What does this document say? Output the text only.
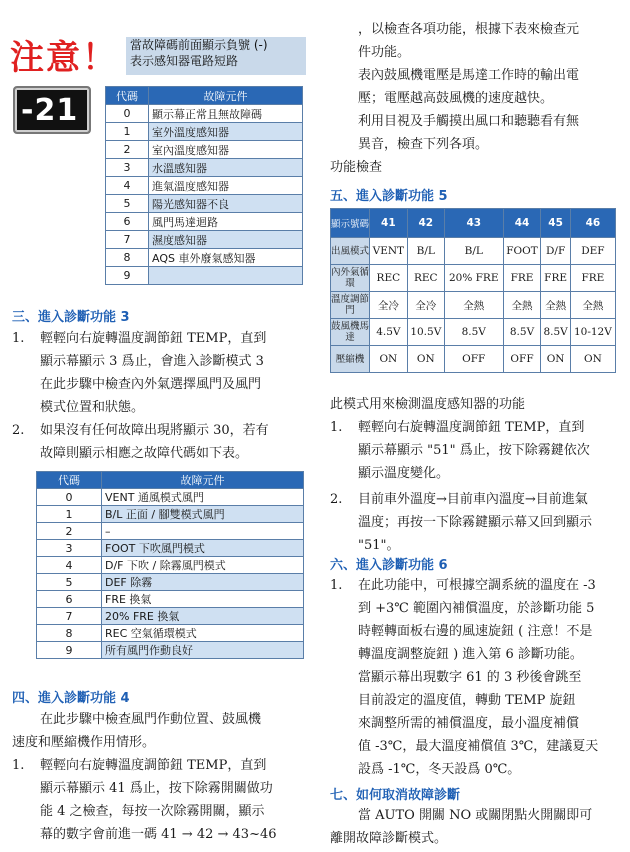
注意！	當故障碼前面顯示負號 (-)
表示感知器電路短路
-21	代碼	故障元件
0	顯示幕正常且無故障碼
1	室外溫度感知器
2	室內溫度感知器
3	水溫感知器
4	進氣溫度感知器
5	陽光感知器不良
6	風門馬達迴路
7	濕度感知器
8	AQS 車外廢氣感知器
9	
三、進入診斷功能 3
1.	輕輕向右旋轉溫度調節鈕 TEMP，直到
顯示幕顯示 3 爲止，會進入診斷模式 3
在此步驟中檢查內外氣選擇風門及風門
模式位置和狀態。
2.	如果沒有任何故障出現將顯示 30，若有
故障則顯示相應之故障代碼如下表。
代碼	故障元件
0	VENT 通風模式風門
1	B/L 正面 / 腳雙模式風門
2	–
3	FOOT 下吹風門模式
4	D/F 下吹 / 除霧風門模式
5	DEF 除霧
6	FRE 換氣
7	20% FRE 換氣
8	REC 空氣循環模式
9	所有風門作動良好
四、進入診斷功能 4
在此步驟中檢查風門作動位置、鼓風機
速度和壓縮機作用情形。
1.	輕輕向右旋轉溫度調節鈕 TEMP，直到
顯示幕顯示 41 爲止，按下除霧開關做功
能 4 之檢查，每按一次除霧開關，顯示
幕的數字會前進一碼 41 → 42 → 43~46
，以檢查各項功能，根據下表來檢查元
件功能。
表內鼓風機電壓是馬達工作時的輸出電
壓；電壓越高鼓風機的速度越快。
利用目視及手觸摸出風口和聽聽看有無
異音，檢查下列各項。
功能檢查
五、進入診斷功能 5
顯示號碼	41	42	43	44	45	46
出風模式	VENT	B/L	B/L	FOOT	D/F	DEF
內外氣循環	REC	REC	20% FRE	FRE	FRE	FRE
溫度調節門	全冷	全冷	全熱	全熱	全熱	全熱
鼓風機馬達	4.5V	10.5V	8.5V	8.5V	8.5V	10-12V
壓縮機	ON	ON	OFF	OFF	ON	ON
此模式用來檢測溫度感知器的功能
1.	輕輕向右旋轉溫度調節鈕 TEMP，直到
顯示幕顯示 "51" 爲止，按下除霧鍵依次
顯示溫度變化。
2.	目前車外溫度→目前車內溫度→目前進氣
溫度；再按一下除霧鍵顯示幕又回到顯示
"51"。
六、進入診斷功能 6
1.	在此功能中，可根據空調系統的溫度在 -3
到 +3℃ 範圍內補償溫度，於診斷功能 5
時輕轉面板右邊的風速旋鈕 ( 注意！不是
轉溫度調整旋鈕 ) 進入第 6 診斷功能。
當顯示幕出現數字 61 的 3 秒後會跳至
目前設定的溫度值，轉動 TEMP 旋鈕
來調整所需的補償溫度，最小溫度補償
值 -3℃，最大溫度補償值 3℃，建議夏天
設爲 -1℃，冬天設爲 0℃。
七、如何取消故障診斷
當 AUTO 開關 NO 或關閉點火開關即可
離開故障診斷模式。
